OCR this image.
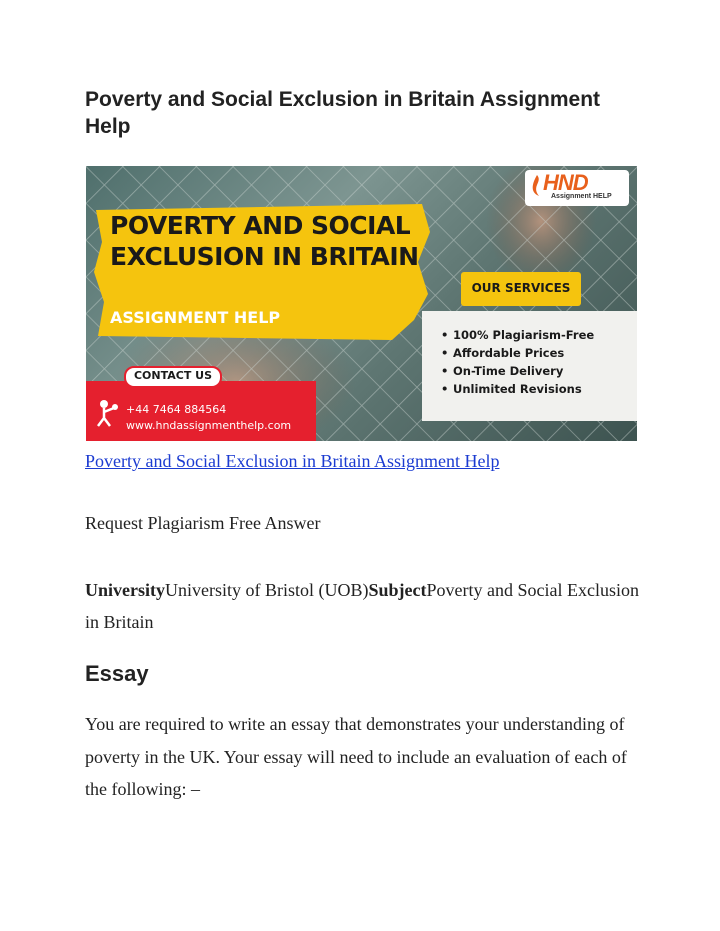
Poverty and Social Exclusion in Britain Assignment Help
HND
Assignment HELP
POVERTY AND SOCIAL EXCLUSION IN BRITAIN
ASSIGNMENT HELP
OUR SERVICES
• 100% Plagiarism-Free
• Affordable Prices
• On-Time Delivery
• Unlimited Revisions
CONTACT US
+44 7464 884564
www.hndassignmenthelp.com
Poverty and Social Exclusion in Britain Assignment Help
Request Plagiarism Free Answer
UniversityUniversity of Bristol (UOB)SubjectPoverty and Social Exclusion in Britain
Essay
You are required to write an essay that demonstrates your understanding of poverty in the UK. Your essay will need to include an evaluation of each of the following: –
